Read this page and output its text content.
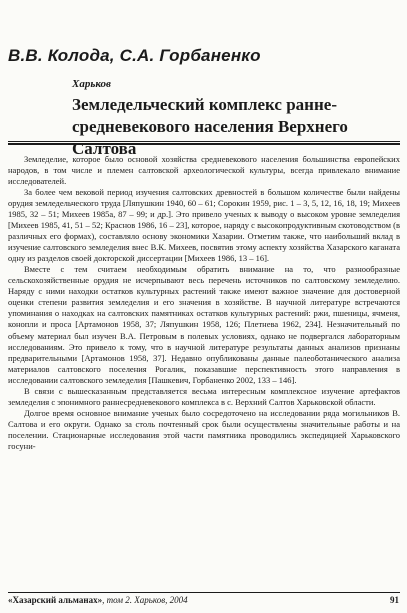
В.В. Колода, С.А. Горбаненко
Харьков
Земледельческий комплекс ранне-средневекового населения Верхнего Салтова

Земледелие, которое было основой хозяйства средневекового населения большинства европейских народов, в том числе и племен салтовской археологической культуры, всегда привлекало внимание исследователей.

За более чем вековой период изучения салтовских древностей в большом количестве были найдены орудия земледельческого труда [Ляпушкин 1940, 60 – 61; Сорокин 1959, рис. 1 – 3, 5, 12, 16, 18, 19; Михеев 1985, 32 – 51; Михеев 1985а, 87 – 99; и др.]. Это привело ученых к выводу о высоком уровне земледелия [Михеев 1985, 41, 51 – 52; Краснов 1986, 16 – 23], которое, наряду с высокопродуктивным скотоводством (в различных его формах), составляло основу экономики Хазарии. Отметим также, что наибольший вклад в изучение салтовского земледелия внес В.К. Михеев, посвятив этому аспекту хозяйства Хазарского каганата одну из разделов своей докторской диссертации [Михеев 1986, 13 – 16].

Вместе с тем считаем необходимым обратить внимание на то, что разнообразные сельскохозяйственные орудия не исчерпывают весь перечень источников по салтовскому земледелию. Наряду с ними находки остатков культурных растений также имеют важное значение для достоверной оценки степени развития земледелия и его значения в хозяйстве. В научной литературе встречаются упоминания о находках на салтовских памятниках остатков культурных растений: ржи, пшеницы, ячменя, конопли и проса [Артамонов 1958, 37; Ляпушкин 1958, 126; Плетнева 1962, 234]. Незначительный по объему материал был изучен В.А. Петровым в полевых условиях, однако не подвергался лабораторным исследованиям. Это привело к тому, что в научной литературе результаты данных анализов признаны предварительными [Артамонов 1958, 37]. Недавно опубликованы данные палеоботанического анализа материалов салтовского поселения Рогалик, показавшие перспективность этого направления в исследовании салтовского земледелия [Пашкевич, Горбаненко 2002, 133 – 146].

В связи с вышесказанным представляется весьма интересным комплексное изучение артефактов земледелия с эпонимного раннесредневекового комплекса в с. Верхний Салтов Харьковской области.

Долгое время основное внимание ученых было сосредоточено на исследовании ряда могильников В. Салтова и его округи. Однако за столь почтенный срок были осуществлены значительные работы и на поселении. Стационарные исследования этой части памятника проводились экспедицией Харьковского госуни-

«Хазарский альманах», том 2. Харьков, 2004	91
